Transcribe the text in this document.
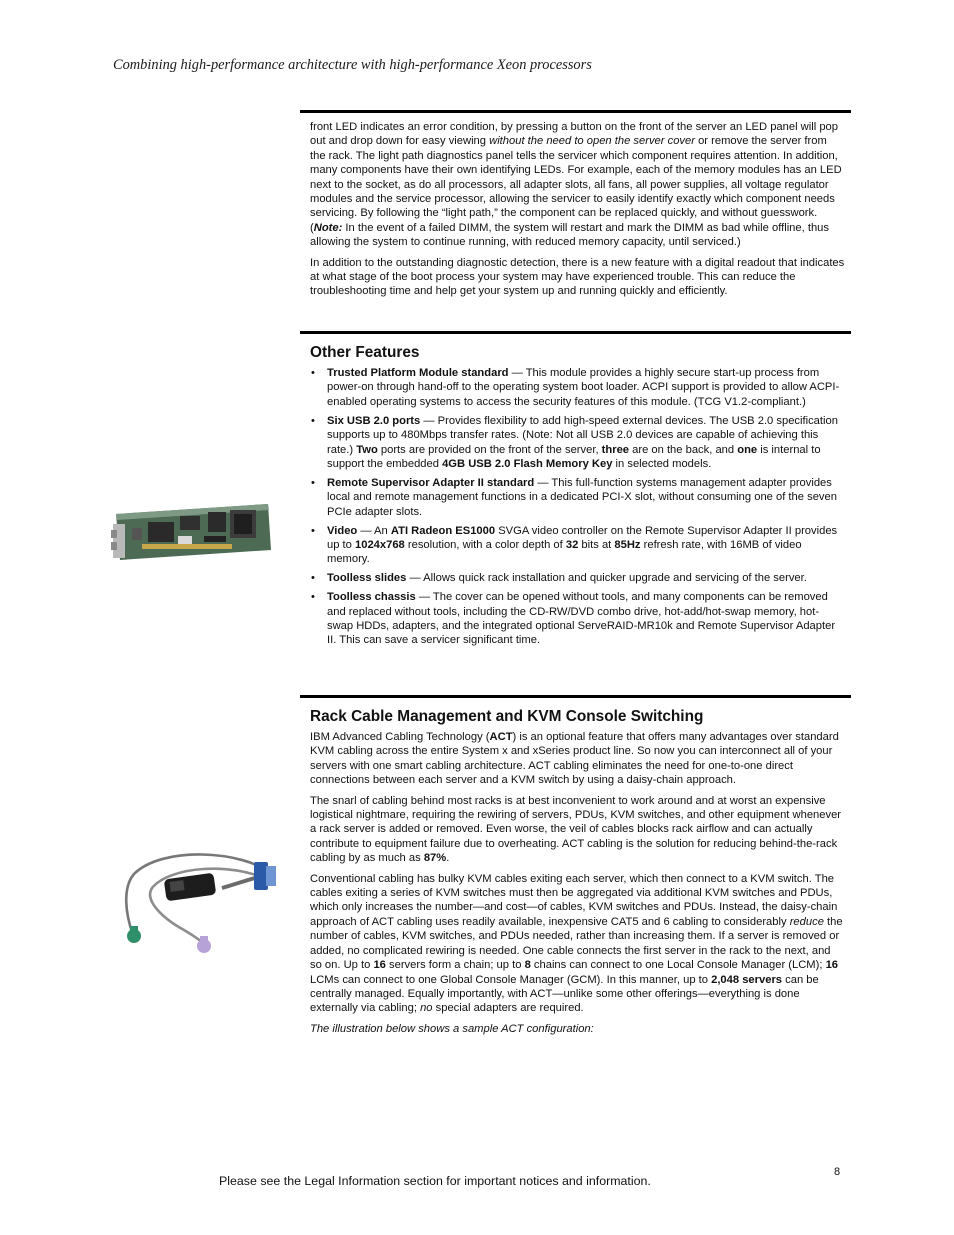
Combining high-performance architecture with high-performance Xeon processors

front LED indicates an error condition, by pressing a button on the front of the server an LED panel will pop out and drop down for easy viewing without the need to open the server cover or remove the server from the rack. The light path diagnostics panel tells the servicer which component requires attention. In addition, many components have their own identifying LEDs. For example, each of the memory modules has an LED next to the socket, as do all processors, all adapter slots, all fans, all power supplies, all voltage regulator modules and the service processor, allowing the servicer to easily identify exactly which component needs servicing. By following the “light path,” the component can be replaced quickly, and without guesswork. (Note: In the event of a failed DIMM, the system will restart and mark the DIMM as bad while offline, thus allowing the system to continue running, with reduced memory capacity, until serviced.)

In addition to the outstanding diagnostic detection, there is a new feature with a digital readout that indicates at what stage of the boot process your system may have experienced trouble. This can reduce the troubleshooting time and help get your system up and running quickly and efficiently.

Other Features
• Trusted Platform Module standard — This module provides a highly secure start-up process from power-on through hand-off to the operating system boot loader. ACPI support is provided to allow ACPI-enabled operating systems to access the security features of this module. (TCG V1.2-compliant.)
• Six USB 2.0 ports — Provides flexibility to add high-speed external devices. The USB 2.0 specification supports up to 480Mbps transfer rates. (Note: Not all USB 2.0 devices are capable of achieving this rate.) Two ports are provided on the front of the server, three are on the back, and one is internal to support the embedded 4GB USB 2.0 Flash Memory Key in selected models.
• Remote Supervisor Adapter II standard — This full-function systems management adapter provides local and remote management functions in a dedicated PCI-X slot, without consuming one of the seven PCIe adapter slots.
• Video — An ATI Radeon ES1000 SVGA video controller on the Remote Supervisor Adapter II provides up to 1024x768 resolution, with a color depth of 32 bits at 85Hz refresh rate, with 16MB of video memory.
• Toolless slides — Allows quick rack installation and quicker upgrade and servicing of the server.
• Toolless chassis — The cover can be opened without tools, and many components can be removed and replaced without tools, including the CD-RW/DVD combo drive, hot-add/hot-swap memory, hot-swap HDDs, adapters, and the integrated optional ServeRAID-MR10k and Remote Supervisor Adapter II. This can save a servicer significant time.
Rack Cable Management and KVM Console Switching

IBM Advanced Cabling Technology (ACT) is an optional feature that offers many advantages over standard KVM cabling across the entire System x and xSeries product line. So now you can interconnect all of your servers with one smart cabling architecture. ACT cabling eliminates the need for one-to-one direct connections between each server and a KVM switch by using a daisy-chain approach.

The snarl of cabling behind most racks is at best inconvenient to work around and at worst an expensive logistical nightmare, requiring the rewiring of servers, PDUs, KVM switches, and other equipment whenever a rack server is added or removed. Even worse, the veil of cables blocks rack airflow and can actually contribute to equipment failure due to overheating. ACT cabling is the solution for reducing behind-the-rack cabling by as much as 87%.

Conventional cabling has bulky KVM cables exiting each server, which then connect to a KVM switch. The cables exiting a series of KVM switches must then be aggregated via additional KVM switches and PDUs, which only increases the number—and cost—of cables, KVM switches and PDUs. Instead, the daisy-chain approach of ACT cabling uses readily available, inexpensive CAT5 and 6 cabling to considerably reduce the number of cables, KVM switches, and PDUs needed, rather than increasing them. If a server is removed or added, no complicated rewiring is needed. One cable connects the first server in the rack to the next, and so on. Up to 16 servers form a chain; up to 8 chains can connect to one Local Console Manager (LCM); 16 LCMs can connect to one Global Console Manager (GCM). In this manner, up to 2,048 servers can be centrally managed. Equally importantly, with ACT—unlike some other offerings—everything is done externally via cabling; no special adapters are required.

The illustration below shows a sample ACT configuration:

8
Please see the Legal Information section for important notices and information.
